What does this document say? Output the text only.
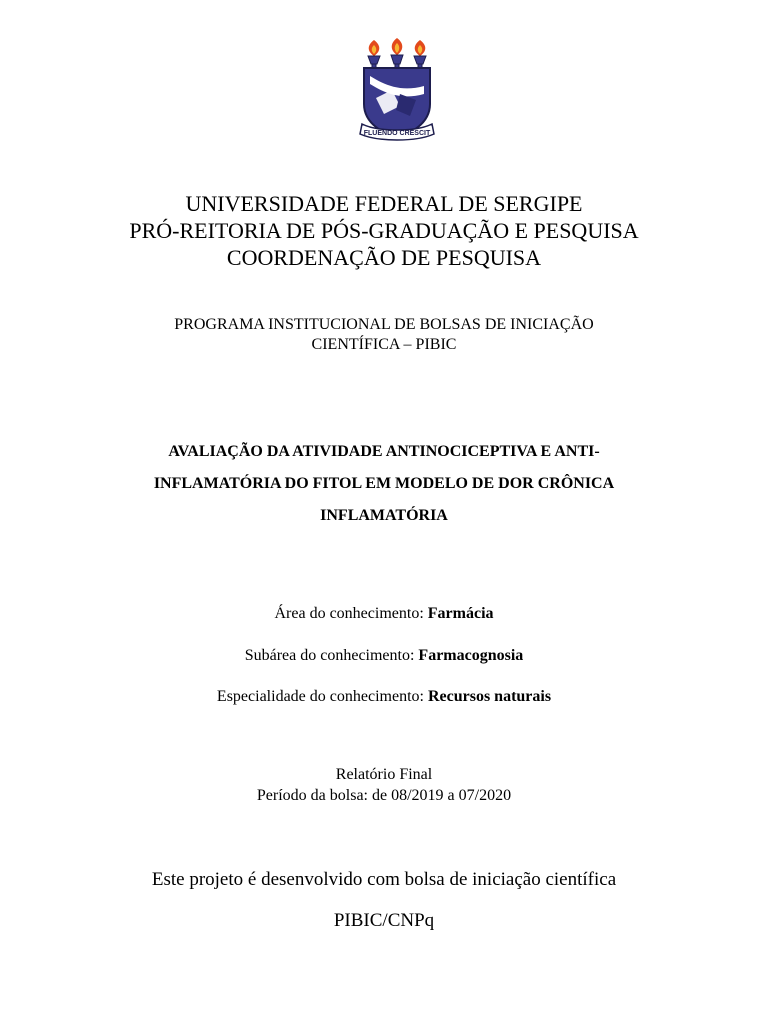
FLUENDO CRESCIT
UNIVERSIDADE FEDERAL DE SERGIPE
PRÓ-REITORIA DE PÓS-GRADUAÇÃO E PESQUISA
COORDENAÇÃO DE PESQUISA
PROGRAMA INSTITUCIONAL DE BOLSAS DE INICIAÇÃO
CIENTÍFICA – PIBIC
AVALIAÇÃO DA ATIVIDADE ANTINOCICEPTIVA E ANTI-
INFLAMATÓRIA DO FITOL EM MODELO DE DOR CRÔNICA
INFLAMATÓRIA
Área do conhecimento: Farmácia
Subárea do conhecimento: Farmacognosia
Especialidade do conhecimento: Recursos naturais
Relatório Final
Período da bolsa: de 08/2019 a 07/2020
Este projeto é desenvolvido com bolsa de iniciação científica
PIBIC/CNPq
